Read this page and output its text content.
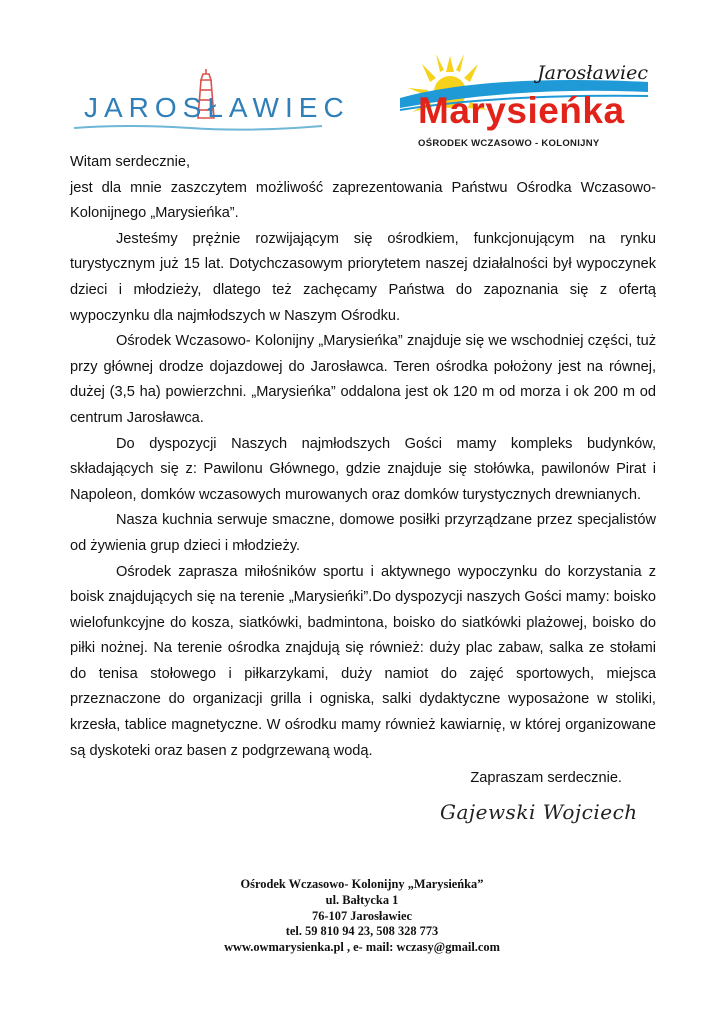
JAROSŁAWIEC
Jarosławiec
Marysieńka
OŚRODEK WCZASOWO - KOLONIJNY

Witam serdecznie,

jest dla mnie zaszczytem możliwość zaprezentowania Państwu Ośrodka Wczasowo-Kolonijnego „Marysieńka”.

Jesteśmy prężnie rozwijającym się ośrodkiem, funkcjonującym na rynku turystycznym już 15 lat. Dotychczasowym priorytetem naszej działalności był wypoczynek dzieci i młodzieży, dlatego też zachęcamy Państwa do zapoznania się z ofertą wypoczynku dla najmłodszych w Naszym Ośrodku.

Ośrodek Wczasowo- Kolonijny „Marysieńka” znajduje się we wschodniej części, tuż przy głównej drodze dojazdowej do Jarosławca. Teren ośrodka położony jest na równej, dużej (3,5 ha) powierzchni. „Marysieńka” oddalona jest ok 120 m od morza i ok 200 m od centrum Jarosławca.

Do dyspozycji Naszych najmłodszych Gości mamy kompleks budynków, składających się z: Pawilonu Głównego, gdzie znajduje się stołówka, pawilonów Pirat i Napoleon, domków wczasowych murowanych oraz domków turystycznych drewnianych.

Nasza kuchnia serwuje smaczne, domowe posiłki przyrządzane przez specjalistów od żywienia grup dzieci i młodzieży.

Ośrodek zaprasza miłośników sportu i aktywnego wypoczynku do korzystania z boisk znajdujących się na terenie „Marysieńki”.Do dyspozycji naszych Gości mamy: boisko wielofunkcyjne do kosza, siatkówki, badmintona, boisko do siatkówki plażowej, boisko do piłki nożnej. Na terenie ośrodka znajdują się również: duży plac zabaw, salka ze stołami do tenisa stołowego i piłkarzykami, duży namiot do zajęć sportowych, miejsca przeznaczone do organizacji grilla i ogniska, salki dydaktyczne wyposażone w stoliki, krzesła, tablice magnetyczne. W ośrodku mamy również kawiarnię, w której organizowane są dyskoteki oraz basen z podgrzewaną wodą.

Zapraszam serdecznie.

Gajewski Wojciech
Ośrodek Wczasowo- Kolonijny „Marysieńka”
ul. Bałtycka 1
76-107 Jarosławiec
tel. 59 810 94 23, 508 328 773
www.owmarysienka.pl , e- mail: wczasy@gmail.com
